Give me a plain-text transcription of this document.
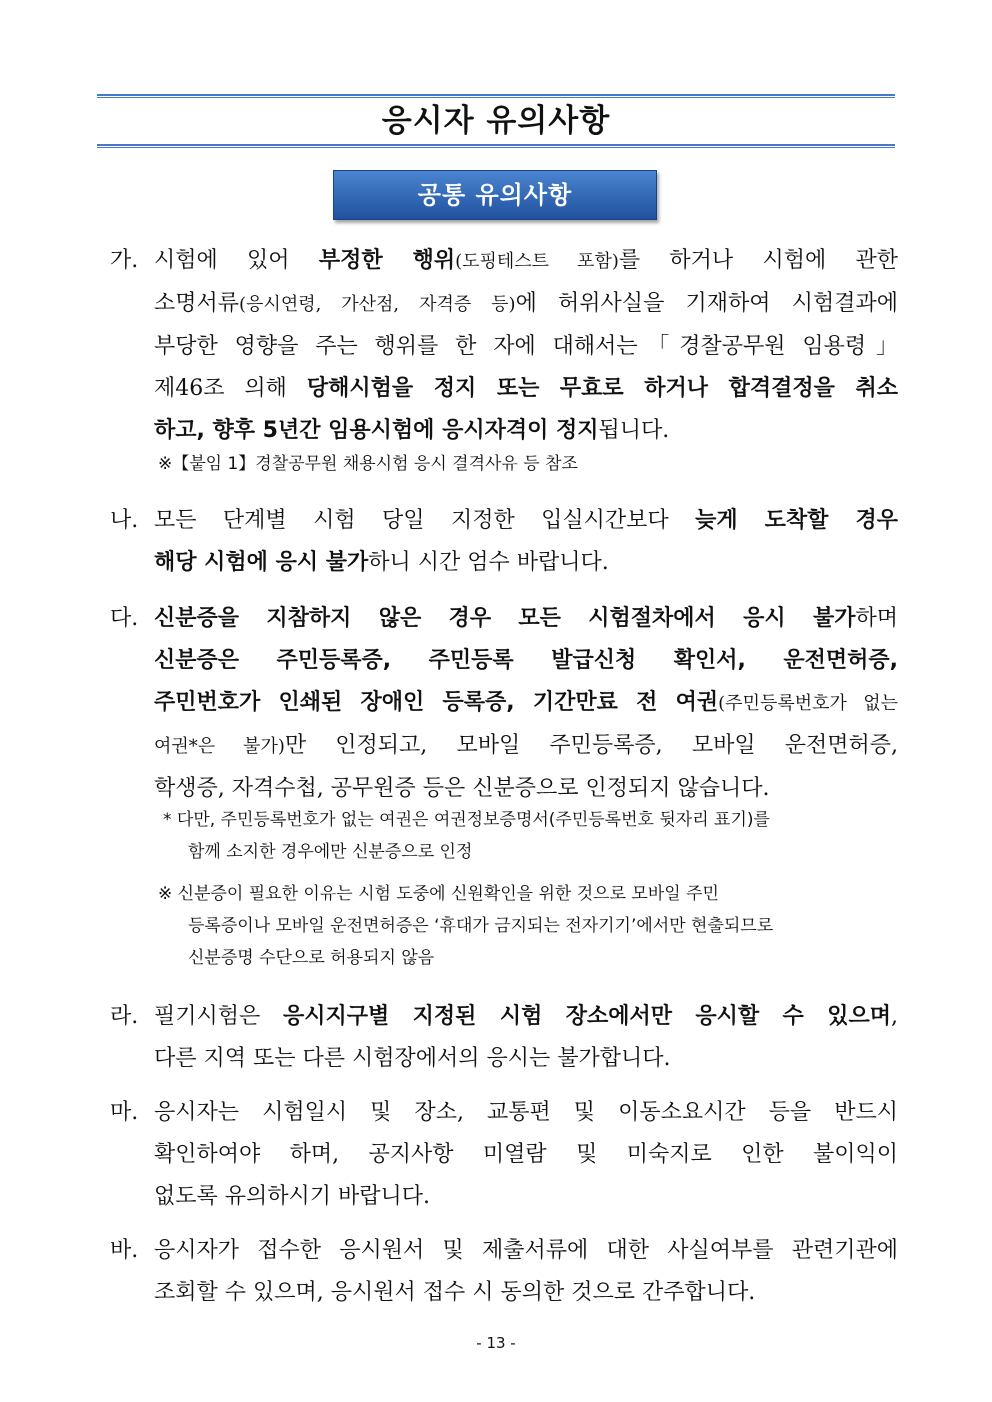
응시자 유의사항
공통 유의사항
가. 시험에 있어 부정한 행위(도핑테스트 포함)를 하거나 시험에 관한
소명서류(응시연령, 가산점, 자격증 등)에 허위사실을 기재하여 시험결과에
부당한 영향을 주는 행위를 한 자에 대해서는「경찰공무원 임용령」
제46조 의해 당해시험을 정지 또는 무효로 하거나 합격결정을 취소
하고, 향후 5년간 임용시험에 응시자격이 정지됩니다.
※【붙임 1】경찰공무원 채용시험 응시 결격사유 등 참조
나. 모든 단계별 시험 당일 지정한 입실시간보다 늦게 도착할 경우
해당 시험에 응시 불가하니 시간 엄수 바랍니다.
다. 신분증을 지참하지 않은 경우 모든 시험절차에서 응시 불가하며
신분증은 주민등록증, 주민등록 발급신청 확인서, 운전면허증,
주민번호가 인쇄된 장애인 등록증, 기간만료 전 여권(주민등록번호가 없는
여권*은 불가)만 인정되고, 모바일 주민등록증, 모바일 운전면허증,
학생증, 자격수첩, 공무원증 등은 신분증으로 인정되지 않습니다.
* 다만, 주민등록번호가 없는 여권은 여권정보증명서(주민등록번호 뒷자리 표기)를
함께 소지한 경우에만 신분증으로 인정
※ 신분증이 필요한 이유는 시험 도중에 신원확인을 위한 것으로 모바일 주민
등록증이나 모바일 운전면허증은 ‘휴대가 금지되는 전자기기’에서만 현출되므로
신분증명 수단으로 허용되지 않음
라. 필기시험은 응시지구별 지정된 시험 장소에서만 응시할 수 있으며,
다른 지역 또는 다른 시험장에서의 응시는 불가합니다.
마. 응시자는 시험일시 및 장소, 교통편 및 이동소요시간 등을 반드시
확인하여야 하며, 공지사항 미열람 및 미숙지로 인한 불이익이
없도록 유의하시기 바랍니다.
바. 응시자가 접수한 응시원서 및 제출서류에 대한 사실여부를 관련기관에
조회할 수 있으며, 응시원서 접수 시 동의한 것으로 간주합니다.
- 13 -
